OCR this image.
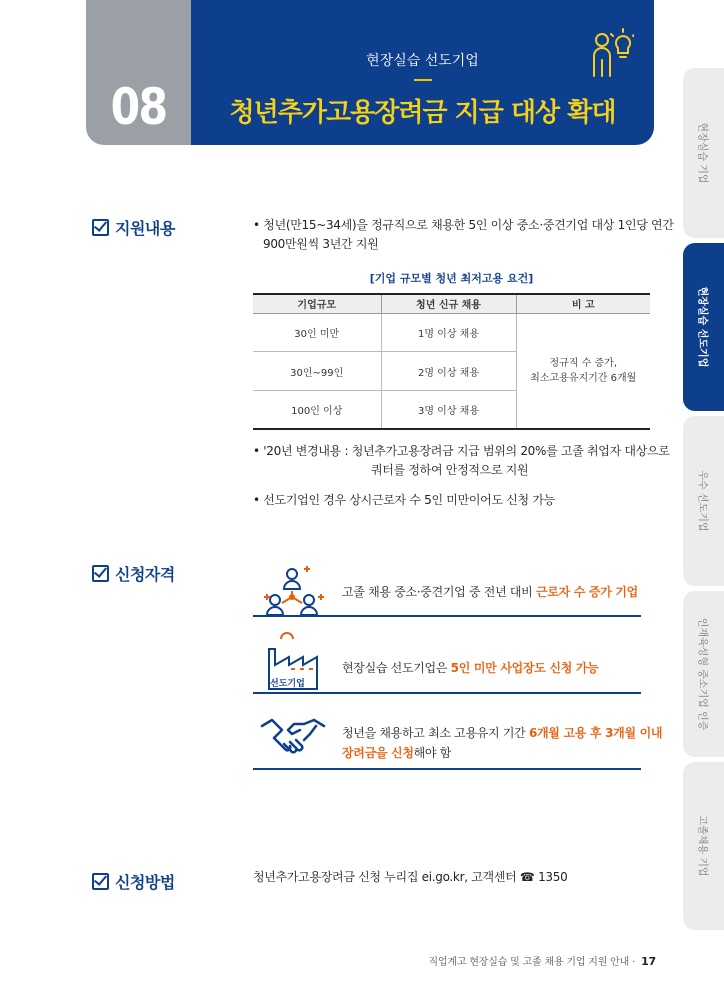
08
현장실습 선도기업
청년추가고용장려금 지급 대상 확대
현장실습 기업
현장실습 선도기업
우수 선도기업
인재육성형 중소기업 인증
고졸채용 기업
지원내용	• 청년(만15~34세)을 정규직으로 채용한 5인 이상 중소·중견기업 대상 1인당 연간
900만원씩 3년간 지원
[기업 규모별 청년 최저고용 요건]
기업규모	청년 신규 채용	비 고
30인 미만	1명 이상 채용	정규직 수 증가,
최소고용유지기간 6개월

30인~99인	2명 이상 채용	
100인 이상	3명 이상 채용	
• '20년 변경내용 : 청년추가고용장려금 지급 범위의 20%를 고졸 취업자 대상으로
쿼터를 정하여 안정적으로 지원
• 선도기업인 경우 상시근로자 수 5인 미만이어도 신청 가능
신청자격
고졸 채용 중소·중견기업 중 전년 대비 근로자 수 증가 기업
선도기업
현장실습 선도기업은 5인 미만 사업장도 신청 가능
청년을 채용하고 최소 고용유지 기간 6개월 고용 후 3개월 이내
장려금을 신청해야 함
신청방법	청년추가고용장려금 신청 누리집 ei.go.kr, 고객센터 ☎ 1350
직업계고 현장실습 및 고졸 채용 기업 지원 안내 · 17
